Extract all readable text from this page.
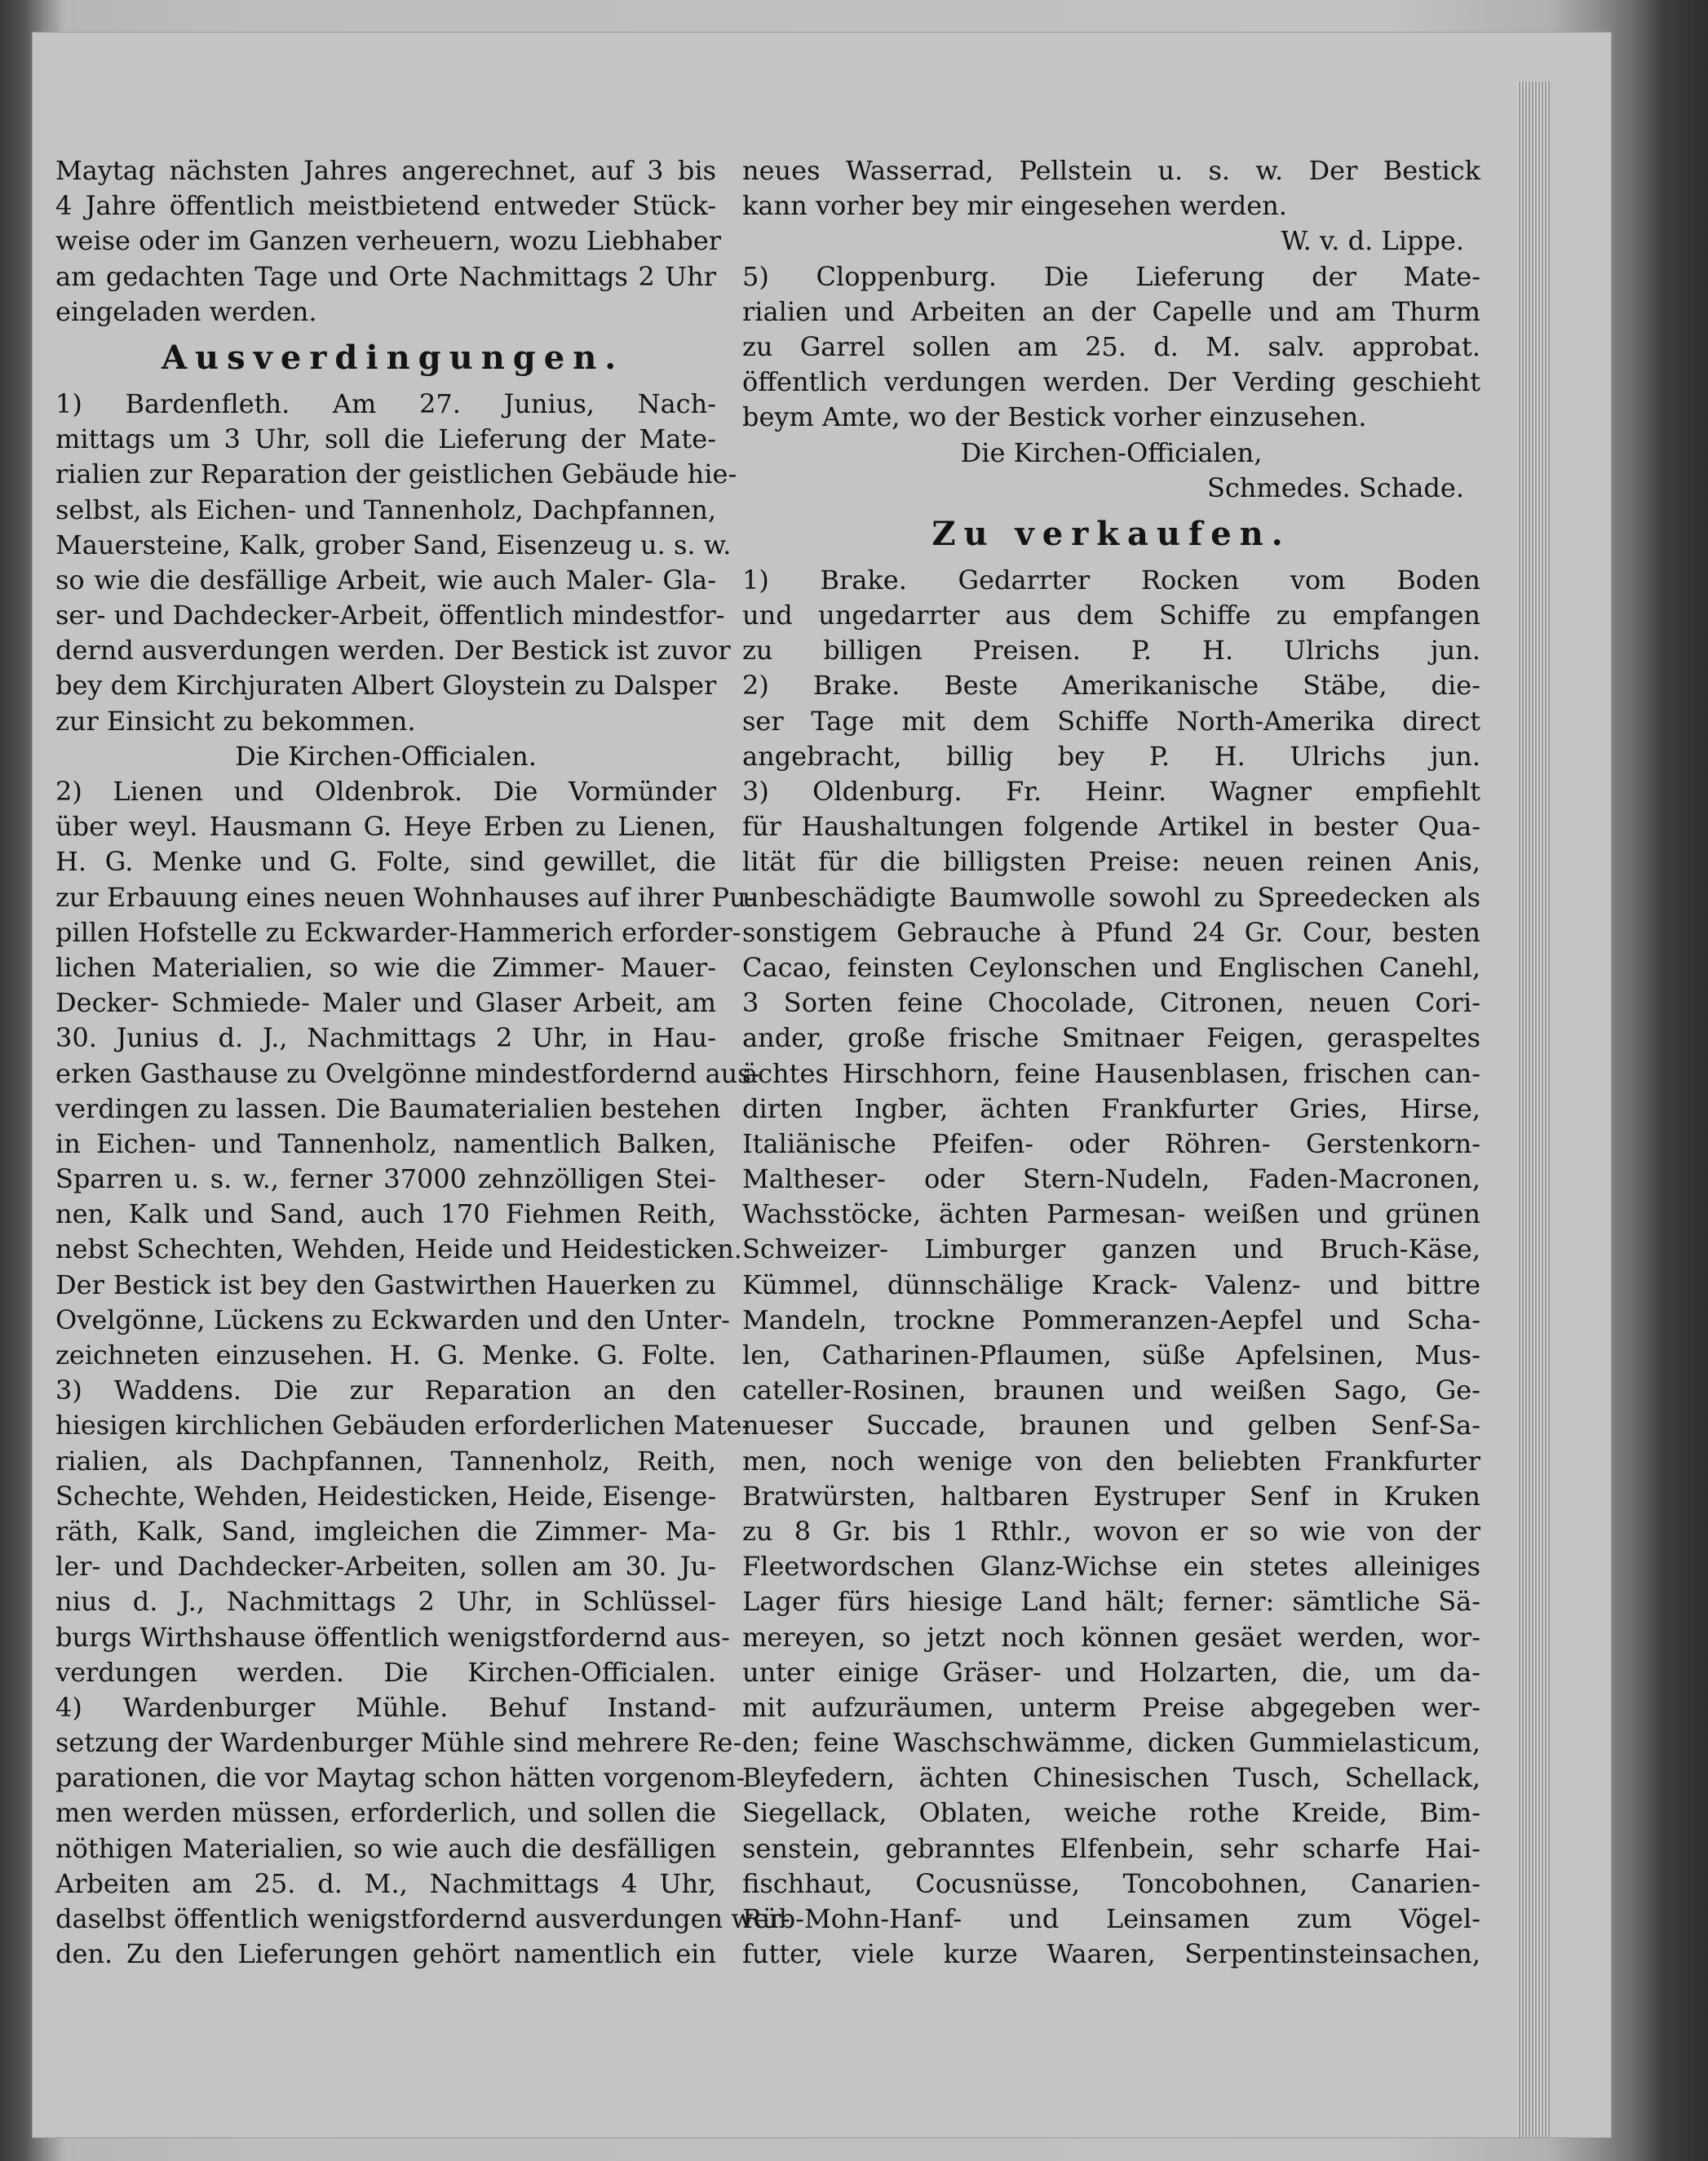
Maytag nächsten Jahres angerechnet, auf 3 bis
4 Jahre öffentlich meistbietend entweder Stück-
weise oder im Ganzen verheuern, wozu Liebhaber
am gedachten Tage und Orte Nachmittags 2 Uhr
eingeladen werden.
Ausverdingungen.
1) Bardenfleth. Am 27. Junius, Nach-
mittags um 3 Uhr, soll die Lieferung der Mate-
rialien zur Reparation der geistlichen Gebäude hie-
selbst, als Eichen- und Tannenholz, Dachpfannen,
Mauersteine, Kalk, grober Sand, Eisenzeug u. s. w.
so wie die desfällige Arbeit, wie auch Maler- Gla-
ser- und Dachdecker-Arbeit, öffentlich mindestfor-
dernd ausverdungen werden. Der Bestick ist zuvor
bey dem Kirchjuraten Albert Gloystein zu Dalsper
zur Einsicht zu bekommen.
Die Kirchen-Officialen.
2) Lienen und Oldenbrok. Die Vormünder
über weyl. Hausmann G. Heye Erben zu Lienen,
H. G. Menke und G. Folte, sind gewillet, die
zur Erbauung eines neuen Wohnhauses auf ihrer Pu-
pillen Hofstelle zu Eckwarder-Hammerich erforder-
lichen Materialien, so wie die Zimmer- Mauer-
Decker- Schmiede- Maler und Glaser Arbeit, am
30. Junius d. J., Nachmittags 2 Uhr, in Hau-
erken Gasthause zu Ovelgönne mindestfordernd aus-
verdingen zu lassen. Die Baumaterialien bestehen
in Eichen- und Tannenholz, namentlich Balken,
Sparren u. s. w., ferner 37000 zehnzölligen Stei-
nen, Kalk und Sand, auch 170 Fiehmen Reith,
nebst Schechten, Wehden, Heide und Heidesticken.
Der Bestick ist bey den Gastwirthen Hauerken zu
Ovelgönne, Lückens zu Eckwarden und den Unter-
zeichneten einzusehen. H. G. Menke. G. Folte.
3) Waddens. Die zur Reparation an den
hiesigen kirchlichen Gebäuden erforderlichen Mate-
rialien, als Dachpfannen, Tannenholz, Reith,
Schechte, Wehden, Heidesticken, Heide, Eisenge-
räth, Kalk, Sand, imgleichen die Zimmer- Ma-
ler- und Dachdecker-Arbeiten, sollen am 30. Ju-
nius d. J., Nachmittags 2 Uhr, in Schlüssel-
burgs Wirthshause öffentlich wenigstfordernd aus-
verdungen werden. Die Kirchen-Officialen.
4) Wardenburger Mühle. Behuf Instand-
setzung der Wardenburger Mühle sind mehrere Re-
parationen, die vor Maytag schon hätten vorgenom-
men werden müssen, erforderlich, und sollen die
nöthigen Materialien, so wie auch die desfälligen
Arbeiten am 25. d. M., Nachmittags 4 Uhr,
daselbst öffentlich wenigstfordernd ausverdungen wer-
den. Zu den Lieferungen gehört namentlich ein
neues Wasserrad, Pellstein u. s. w. Der Bestick
kann vorher bey mir eingesehen werden.
W. v. d. Lippe.
5) Cloppenburg. Die Lieferung der Mate-
rialien und Arbeiten an der Capelle und am Thurm
zu Garrel sollen am 25. d. M. salv. approbat.
öffentlich verdungen werden. Der Verding geschieht
beym Amte, wo der Bestick vorher einzusehen.
Die Kirchen-Officialen,
Schmedes. Schade.
Zu verkaufen.
1) Brake. Gedarrter Rocken vom Boden
und ungedarrter aus dem Schiffe zu empfangen
zu billigen Preisen. P. H. Ulrichs jun.
2) Brake. Beste Amerikanische Stäbe, die-
ser Tage mit dem Schiffe North-Amerika direct
angebracht, billig bey P. H. Ulrichs jun.
3) Oldenburg. Fr. Heinr. Wagner empfiehlt
für Haushaltungen folgende Artikel in bester Qua-
lität für die billigsten Preise: neuen reinen Anis,
unbeschädigte Baumwolle sowohl zu Spreedecken als
sonstigem Gebrauche à Pfund 24 Gr. Cour, besten
Cacao, feinsten Ceylonschen und Englischen Canehl,
3 Sorten feine Chocolade, Citronen, neuen Cori-
ander, große frische Smitnaer Feigen, geraspeltes
ächtes Hirschhorn, feine Hausenblasen, frischen can-
dirten Ingber, ächten Frankfurter Gries, Hirse,
Italiänische Pfeifen- oder Röhren- Gerstenkorn-
Maltheser- oder Stern-Nudeln, Faden-Macronen,
Wachsstöcke, ächten Parmesan- weißen und grünen
Schweizer- Limburger ganzen und Bruch-Käse,
Kümmel, dünnschälige Krack- Valenz- und bittre
Mandeln, trockne Pommeranzen-Aepfel und Scha-
len, Catharinen-Pflaumen, süße Apfelsinen, Mus-
cateller-Rosinen, braunen und weißen Sago, Ge-
nueser Succade, braunen und gelben Senf-Sa-
men, noch wenige von den beliebten Frankfurter
Bratwürsten, haltbaren Eystruper Senf in Kruken
zu 8 Gr. bis 1 Rthlr., wovon er so wie von der
Fleetwordschen Glanz-Wichse ein stetes alleiniges
Lager fürs hiesige Land hält; ferner: sämtliche Sä-
mereyen, so jetzt noch können gesäet werden, wor-
unter einige Gräser- und Holzarten, die, um da-
mit aufzuräumen, unterm Preise abgegeben wer-
den; feine Waschschwämme, dicken Gummielasticum,
Bleyfedern, ächten Chinesischen Tusch, Schellack,
Siegellack, Oblaten, weiche rothe Kreide, Bim-
senstein, gebranntes Elfenbein, sehr scharfe Hai-
fischhaut, Cocusnüsse, Toncobohnen, Canarien-
Rüb-Mohn-Hanf- und Leinsamen zum Vögel-
futter, viele kurze Waaren, Serpentinsteinsachen,
